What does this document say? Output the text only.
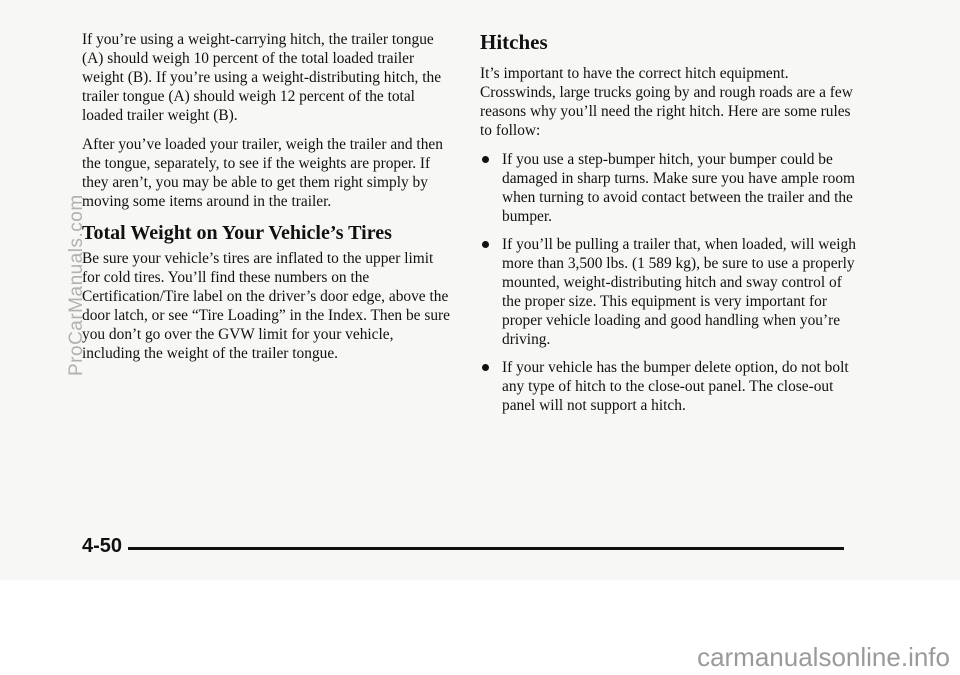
If you’re using a weight-carrying hitch, the trailer tongue (A) should weigh 10 percent of the total loaded trailer weight (B). If you’re using a weight-distributing hitch, the trailer tongue (A) should weigh 12 percent of the total loaded trailer weight (B).

After you’ve loaded your trailer, weigh the trailer and then the tongue, separately, to see if the weights are proper. If they aren’t, you may be able to get them right simply by moving some items around in the trailer.

Total Weight on Your Vehicle’s Tires

Be sure your vehicle’s tires are inflated to the upper limit for cold tires. You’ll find these numbers on the Certification/Tire label on the driver’s door edge, above the door latch, or see “Tire Loading” in the Index. Then be sure you don’t go over the GVW limit for your vehicle, including the weight of the trailer tongue.

Hitches

It’s important to have the correct hitch equipment. Crosswinds, large trucks going by and rough roads are a few reasons why you’ll need the right hitch. Here are some rules to follow:

If you use a step-bumper hitch, your bumper could be damaged in sharp turns. Make sure you have ample room when turning to avoid contact between the trailer and the bumper.
If you’ll be pulling a trailer that, when loaded, will weigh more than 3,500 lbs. (1 589 kg), be sure to use a properly mounted, weight-distributing hitch and sway control of the proper size. This equipment is very important for proper vehicle loading and good handling when you’re driving.
If your vehicle has the bumper delete option, do not bolt any type of hitch to the close-out panel. The close-out panel will not support a hitch.
4-50
ProCarManuals.com
carmanualsonline.info
